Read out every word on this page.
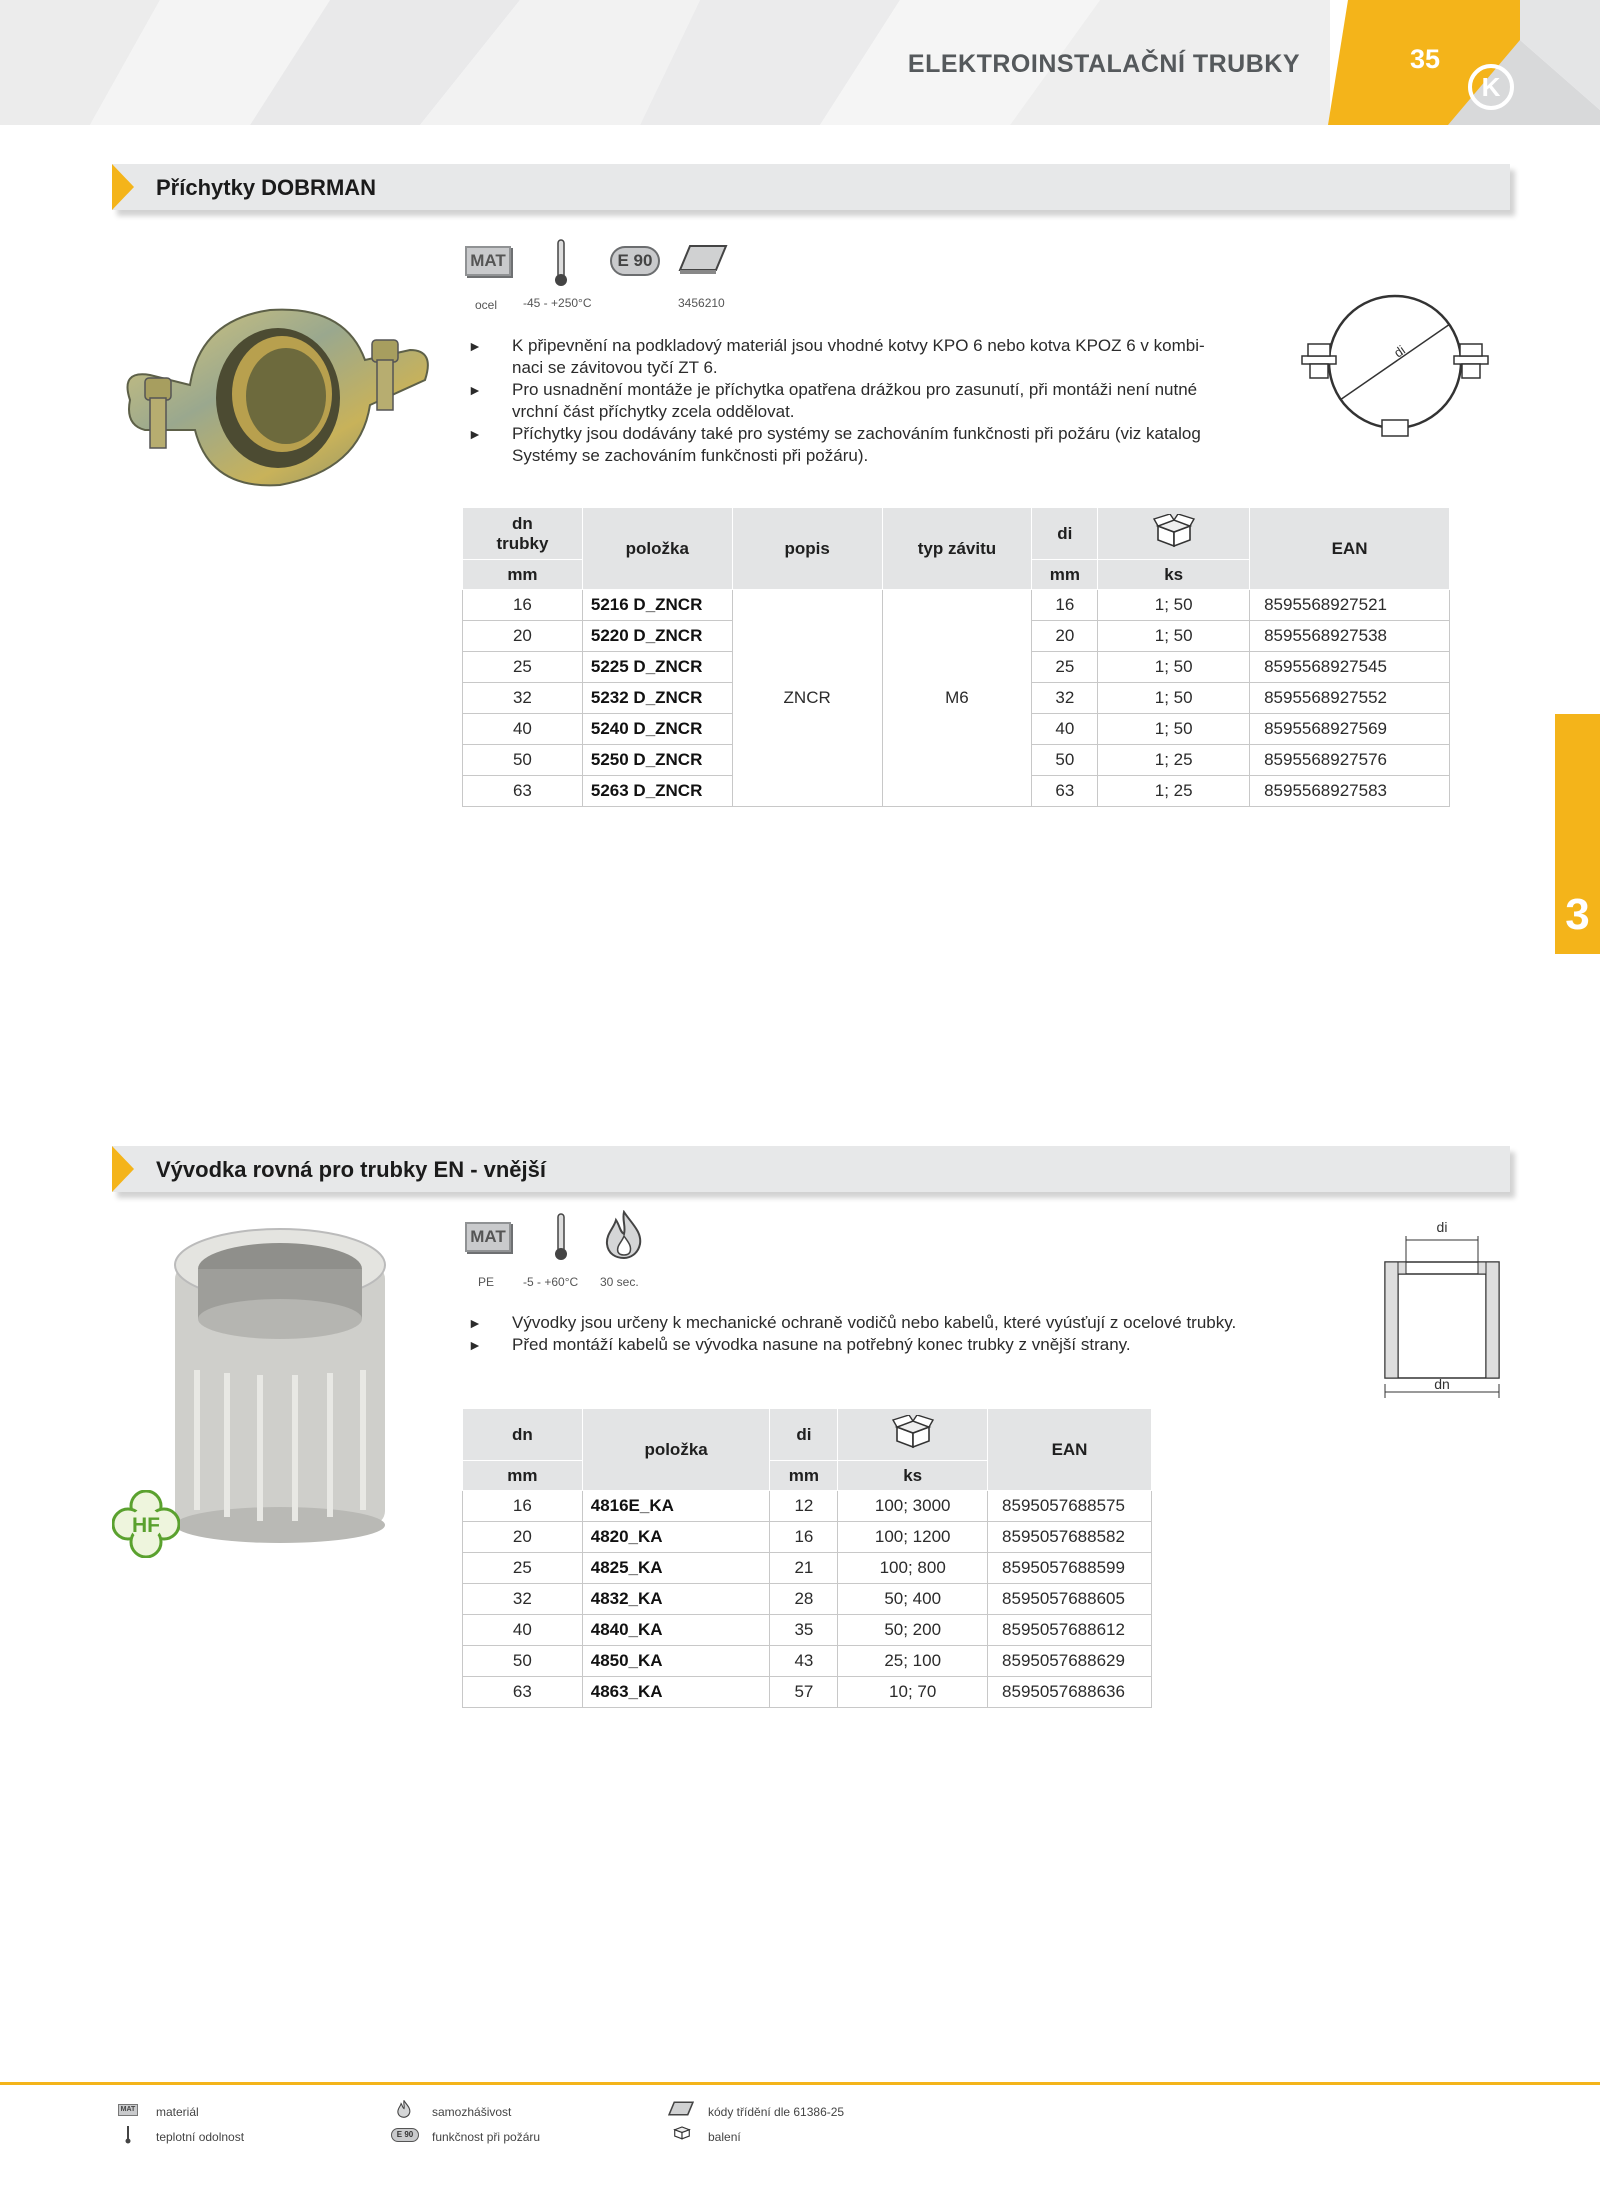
ELEKTROINSTALAČNÍ TRUBKY	35
K
3
Příchytky DOBRMAN
MAT
ocel -45 - +250°C
E 90
3456210
► K připevnění na podkladový materiál jsou vhodné kotvy KPO 6 nebo kotva KPOZ 6 v kombi-
naci se závitovou tyčí ZT 6.
► Pro usnadnění montáže je příchytka opatřena drážkou pro zasunutí, při montáži není nutné
vrchní část příchytky zcela oddělovat.
► Příchytky jsou dodávány také pro systémy se zachováním funkčnosti při požáru (viz katalog
Systémy se zachováním funkčnosti při požáru).
di
dn
trubky	položka	popis	typ závitu	di		EAN
mm				mm	ks	
16	5216 D_ZNCR	ZNCR	M6	16	1; 50	8595568927521
20	5220 D_ZNCR			20	1; 50	8595568927538
25	5225 D_ZNCR			25	1; 50	8595568927545
32	5232 D_ZNCR			32	1; 50	8595568927552
40	5240 D_ZNCR			40	1; 50	8595568927569
50	5250 D_ZNCR			50	1; 25	8595568927576
63	5263 D_ZNCR			63	1; 25	8595568927583
Vývodka rovná pro trubky EN - vnější
HF
MAT
PE -5 - +60°C 30 sec.
► Vývodky jsou určeny k mechanické ochraně vodičů nebo kabelů, které vyúsťují z ocelové trubky.
► Před montáží kabelů se vývodka nasune na potřebný konec trubky z vnější strany.
di
dn
dn	položka	di		EAN
mm		mm	ks	
16	4816E_KA	12	100; 3000	8595057688575
20	4820_KA	16	100; 1200	8595057688582
25	4825_KA	21	100; 800	8595057688599
32	4832_KA	28	50; 400	8595057688605
40	4840_KA	35	50; 200	8595057688612
50	4850_KA	43	25; 100	8595057688629
63	4863_KA	57	10; 70	8595057688636
MAT materiál
teplotní odolnost
samozhášivost
E 90	funkčnost při požáru
kódy třídění dle 61386-25
balení
